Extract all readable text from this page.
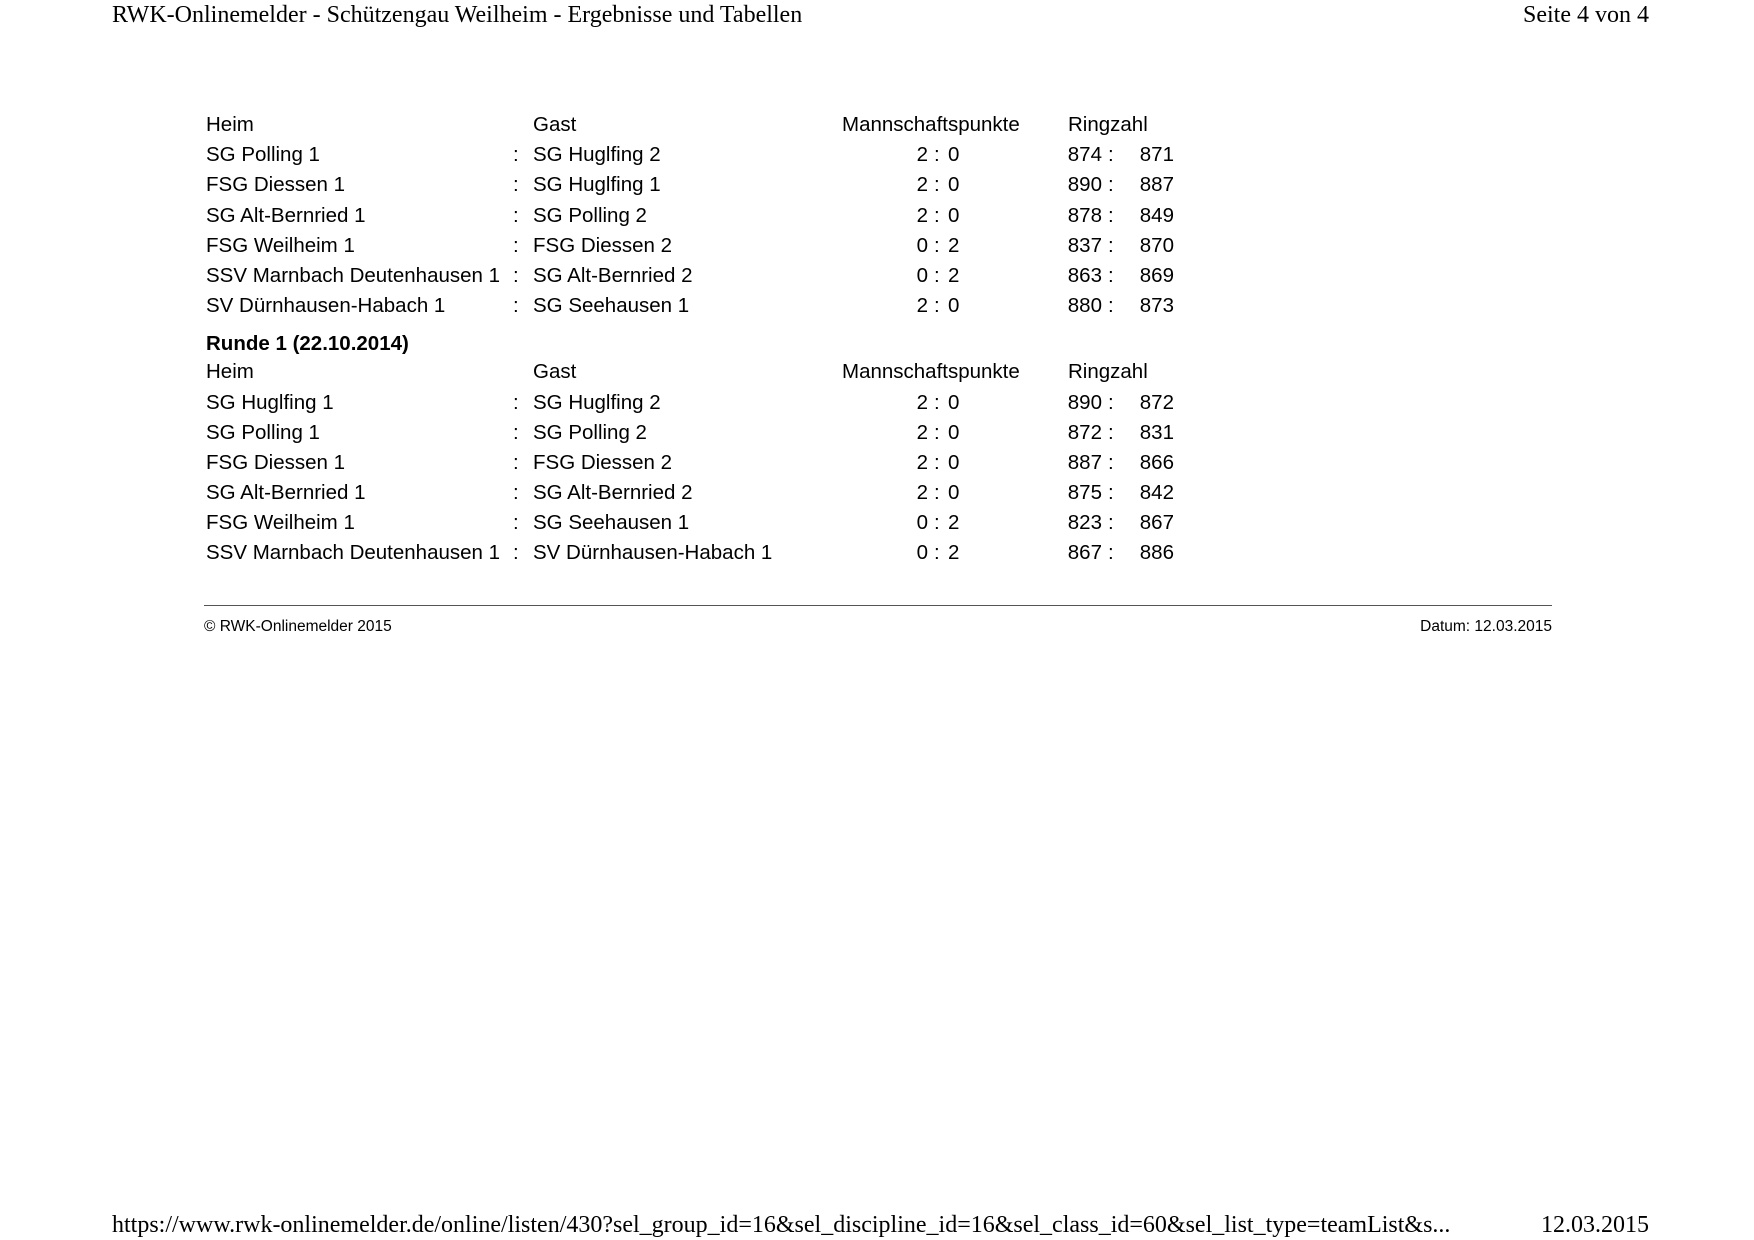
RWK-Onlinemelder - Schützengau Weilheim - Ergebnisse und Tabellen	Seite 4 von 4
Heim	Gast	Mannschaftspunkte Ringzahl
SG Polling 1	: SG Huglfing 2	2 : 0	874 :	871
FSG Diessen 1	: SG Huglfing 1	2 : 0	890 :	887
SG Alt-Bernried 1	: SG Polling 2	2 : 0	878 :	849
FSG Weilheim 1	: FSG Diessen 2	0 : 2	837 :	870
SSV Marnbach Deutenhausen 1 : SG Alt-Bernried 2	0 : 2	863 :	869
SV Dürnhausen-Habach 1	: SG Seehausen 1	2 : 0	880 :	873
Runde 1 (22.10.2014)
Heim	Gast	Mannschaftspunkte Ringzahl
SG Huglfing 1	: SG Huglfing 2	2 : 0	890 :	872
SG Polling 1	: SG Polling 2	2 : 0	872 :	831
FSG Diessen 1	: FSG Diessen 2	2 : 0	887 :	866
SG Alt-Bernried 1	: SG Alt-Bernried 2	2 : 0	875 :	842
FSG Weilheim 1	: SG Seehausen 1	0 : 2	823 :	867
SSV Marnbach Deutenhausen 1 : SV Dürnhausen-Habach 1	0 : 2	867 :	886
© RWK-Onlinemelder 2015	Datum: 12.03.2015
https://www.rwk-onlinemelder.de/online/listen/430?sel_group_id=16&sel_discipline_id=16&sel_class_id=60&sel_list_type=teamList&s...	12.03.2015
